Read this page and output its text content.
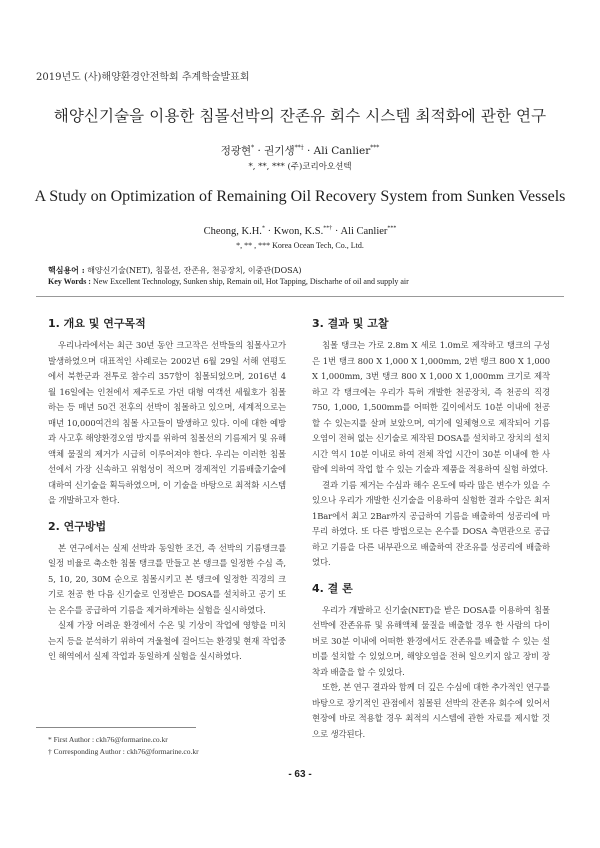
2019년도 (사)해양환경안전학회 추계학술발표회
해양신기술을 이용한 침몰선박의 잔존유 회수 시스템 최적화에 관한 연구
정광현* · 권기생**† · Ali Canlier***
*, **, *** (주)코리아오션텍
A Study on Optimization of Remaining Oil Recovery System from Sunken Vessels
Cheong, K.H.* · Kwon, K.S.**† · Ali Canlier***
*, ** , *** Korea Ocean Tech, Co., Ltd.
핵심용어 : 해양신기술(NET), 침몰선, 잔존유, 천공장치, 이중관(DOSA)
Key Words : New Excellent Technology, Sunken ship, Remain oil, Hot Tapping, Discharhe of oil and supply air
1. 개요 및 연구목적

우리나라에서는 최근 30년 동안 크고작은 선박들의 침몰사고가 발생하였으며 대표적인 사례로는 2002년 6월 29일 서해 연평도에서 북한군과 전투로 참수리 357함이 침몰되었으며, 2016년 4월 16일에는 인천에서 제주도로 가던 대형 여객선 세월호가 침몰하는 등 매년 50건 전후의 선박이 침몰하고 있으며, 세계적으로는 매년 10,000여건의 침몰 사고들이 발생하고 있다. 이에 대한 예방과 사고후 해양환경오염 방지를 위하여 침몰선의 기름제거 및 유해액체 물질의 제거가 시급히 이루어져야 한다. 우리는 이러한 침몰선에서 가장 신속하고 위험성이 적으며 경제적인 기름배출기술에 대하여 신기술을 획득하였으며, 이 기술을 바탕으로 최적화 시스템을 개발하고자 한다.

2. 연구방법

본 연구에서는 실제 선박과 동일한 조건, 즉 선박의 기름탱크를 일정 비율로 축소한 침몰 탱크를 만들고 본 탱크를 일정한 수심 즉, 5, 10, 20, 30M 순으로 침몰시키고 본 탱크에 일정한 직경의 크기로 천공 한 다음 신기술로 인정받은 DOSA를 설치하고 공기 또는 온수를 공급하여 기름을 제거하게하는 실험을 실시하였다.

실제 가장 어려운 환경에서 수온 및 기상이 작업에 영향을 미치는지 등을 분석하기 위하여 겨울철에 걸어드는 환경및 현재 작업중인 해역에서 실제 작업과 동일하게 실험을 실시하였다.

3. 결과 및 고찰

침몰 탱크는 가로 2.8m X 세로 1.0m로 제작하고 탱크의 구성은 1번 탱크 800 X 1,000 X 1,000mm, 2번 탱크 800 X 1,000 X 1,000mm, 3번 탱크 800 X 1,000 X 1,000mm 크기로 제작하고 각 탱크에는 우리가 특허 개발한 천공장치, 즉 천공의 직경 750, 1,000, 1,500mm를 어떠한 깊이에서도 10분 이내에 천공할 수 있는지를 살펴 보았으며, 여기에 일체형으로 제작되어 기름오염이 전혀 없는 신기술로 제작된 DOSA를 설치하고 장치의 설치 시간 역시 10분 이내로 하여 전체 작업 시간이 30분 이내에 한 사람에 의하여 작업 할 수 있는 기술과 제품을 적용하여 실험 하였다.

결과 기름 제거는 수심과 해수 온도에 따라 많은 변수가 있을 수 있으나 우리가 개발한 신기술을 이용하여 실험한 결과 수압은 최저 1Bar에서 최고 2Bar까지 공급하여 기름을 배출하여 성공리에 마무리 하였다. 또 다른 방법으로는 온수를 DOSA 측면관으로 공급하고 기름을 다른 내부관으로 배출하여 잔조유를 성공리에 배출하였다.

4. 결 론

우리가 개발하고 신기술(NET)을 받은 DOSA를 이용하여 침몰 선박에 잔존유류 및 유해액체 물질을 배출할 경우 한 사람의 다이버로 30분 이내에 어떠한 환경에서도 잔존유를 배출할 수 있는 설비를 설치할 수 있었으며, 해양오염을 전혀 일으키지 않고 장비 장착과 배출을 할 수 있었다.

또한, 본 연구 결과와 함께 더 깊은 수심에 대한 추가적인 연구를 바탕으로 장기적인 관점에서 침몰된 선박의 잔존유 회수에 있어서 현장에 바로 적용할 경우 최적의 시스템에 관한 자료를 제시할 것으로 생각된다.

* First Author : ckh76@formarine.co.kr
† Corresponding Author : ckh76@formarine.co.kr
- 63 -
